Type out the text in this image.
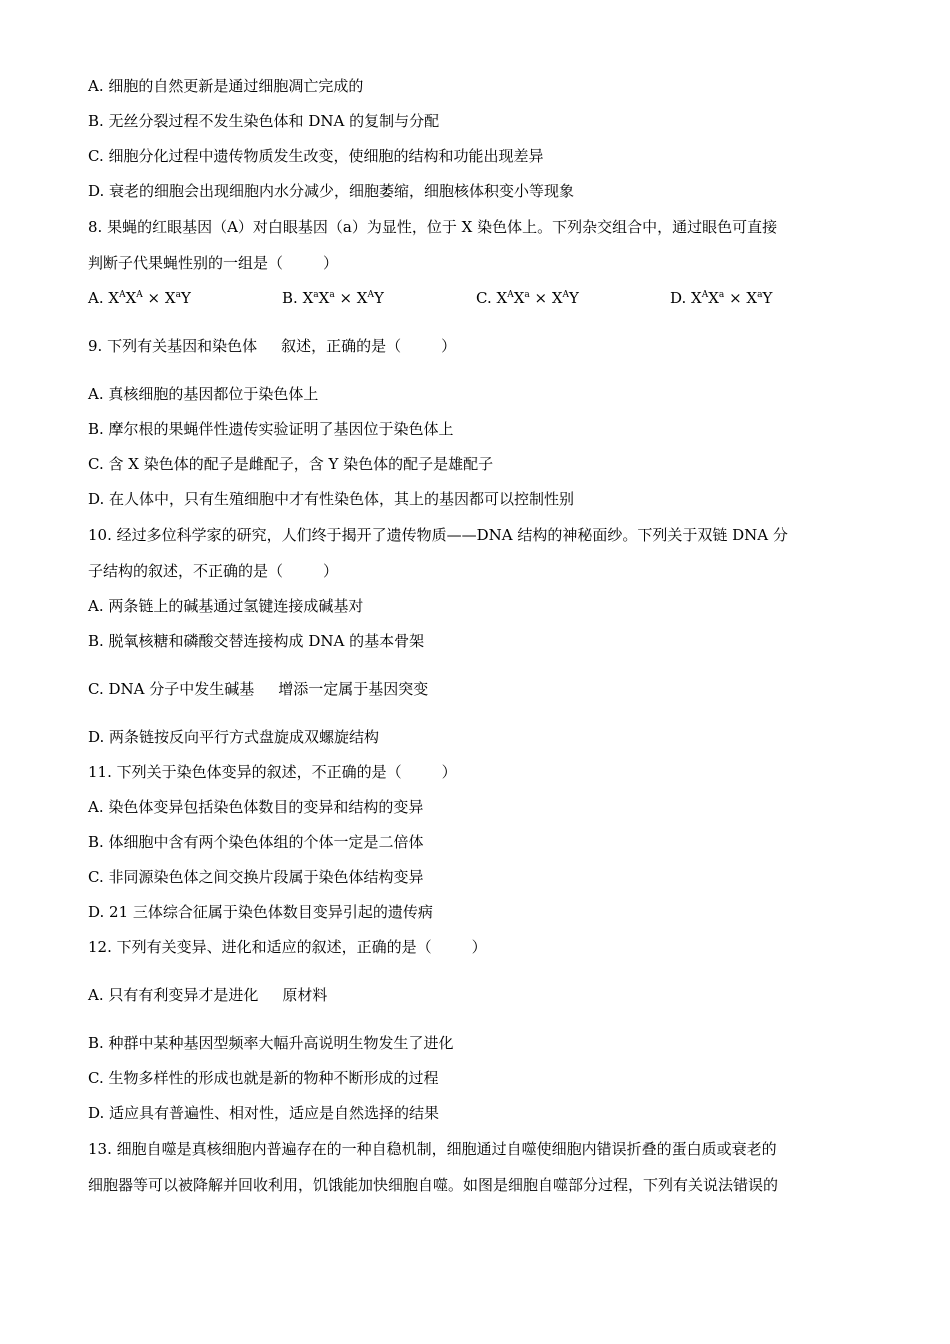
A. 细胞的自然更新是通过细胞凋亡完成的
B. 无丝分裂过程不发生染色体和 DNA 的复制与分配
C. 细胞分化过程中遗传物质发生改变，使细胞的结构和功能出现差异
D. 衰老的细胞会出现细胞内水分减少，细胞萎缩，细胞核体积变小等现象
8. 果蝇的红眼基因（A）对白眼基因（a）为显性，位于 X 染色体上。下列杂交组合中，通过眼色可直接
判断子代果蝇性别的一组是（	）
A. $X^AX^A \times X^aY$	B. $X^aX^a \times X^AY$	C. $X^AX^a \times X^AY$	D. $X^AX^a \times X^aY$
9. 下列有关基因和染色体 叙述，正确的是（	）
A. 真核细胞的基因都位于染色体上
B. 摩尔根的果蝇伴性遗传实验证明了基因位于染色体上
C. 含 X 染色体的配子是雌配子，含 Y 染色体的配子是雄配子
D. 在人体中，只有生殖细胞中才有性染色体，其上的基因都可以控制性别
10. 经过多位科学家的研究，人们终于揭开了遗传物质——DNA 结构的神秘面纱。下列关于双链 DNA 分
子结构的叙述，不正确的是（	）
A. 两条链上的碱基通过氢键连接成碱基对
B. 脱氧核糖和磷酸交替连接构成 DNA 的基本骨架
C. DNA 分子中发生碱基 增添一定属于基因突变
D. 两条链按反向平行方式盘旋成双螺旋结构
11. 下列关于染色体变异的叙述，不正确的是（	）
A. 染色体变异包括染色体数目的变异和结构的变异
B. 体细胞中含有两个染色体组的个体一定是二倍体
C. 非同源染色体之间交换片段属于染色体结构变异
D. 21 三体综合征属于染色体数目变异引起的遗传病
12. 下列有关变异、进化和适应的叙述，正确的是（	）
A. 只有有利变异才是进化 原材料
B. 种群中某种基因型频率大幅升高说明生物发生了进化
C. 生物多样性的形成也就是新的物种不断形成的过程
D. 适应具有普遍性、相对性，适应是自然选择的结果
13. 细胞自噬是真核细胞内普遍存在的一种自稳机制，细胞通过自噬使细胞内错误折叠的蛋白质或衰老的
细胞器等可以被降解并回收利用，饥饿能加快细胞自噬。如图是细胞自噬部分过程，下列有关说法错误的
